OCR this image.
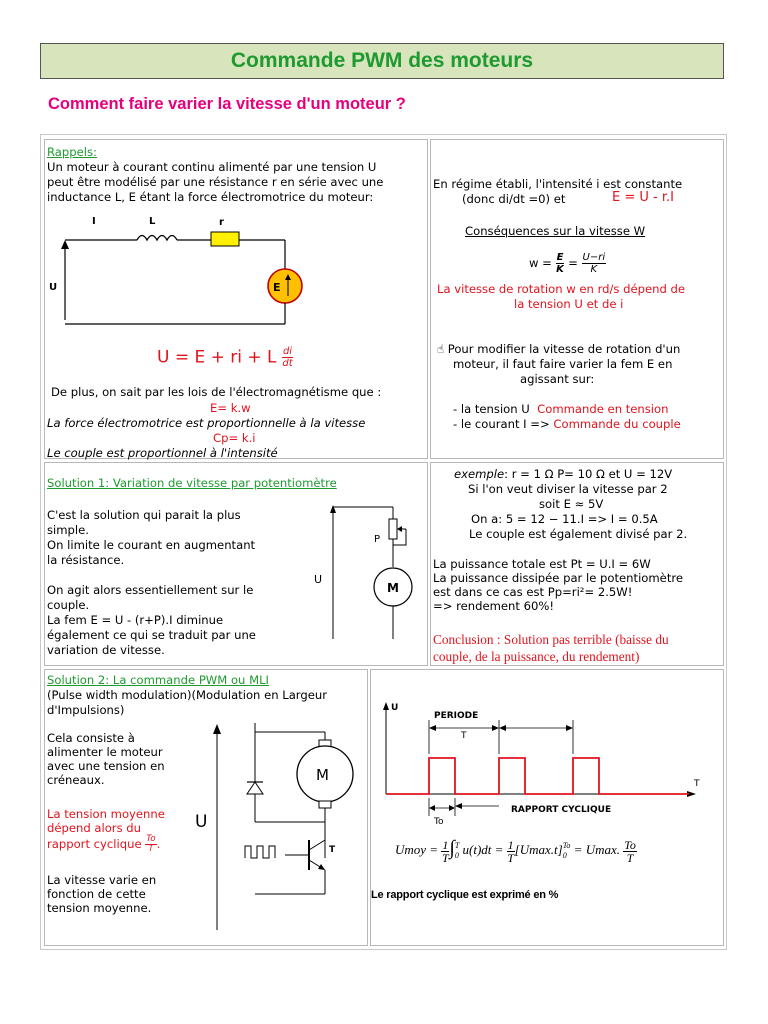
Commande PWM des moteurs
Comment faire varier la vitesse d'un moteur ?
Rappels:
Un moteur à courant continu alimenté par une tension U
peut être modélisé par une résistance r en série avec une
inductance L, E étant la force électromotrice du moteur:
I	L	r
U	E
U = E + ri + L $\frac{di}{dt}$
De plus, on sait par les lois de l'électromagnétisme que :
E= k.w
La force électromotrice est proportionnelle à la vitesse
Cp= k.i
Le couple est proportionnel à l'intensité
En régime établi, l'intensité i est constante
(donc di/dt =0) et	E = U - r.I
Conséquences sur la vitesse W
$w = \frac{E}{K} = \frac{U-ri}{K}$
La vitesse de rotation w en rd/s dépend de
la tension U et de i
☝ Pour modifier la vitesse de rotation d'un
moteur, il faut faire varier la fem E en
agissant sur:
- la tension U Commande en tension
- le courant I => Commande du couple
Solution 1: Variation de vitesse par potentiomètre
C'est la solution qui parait la plus
simple.
On limite le courant en augmentant
la résistance.
On agit alors essentiellement sur le
couple.
La fem E = U - (r+P).I diminue
également ce qui se traduit par une
variation de vitesse.
P
U
M
exemple: r = 1 Ω P= 10 Ω et U = 12V
Si l'on veut diviser la vitesse par 2
soit E ≈ 5V
On a: 5 = 12 − 11.I => I = 0.5A
Le couple est également divisé par 2.
La puissance totale est Pt = U.I = 6W
La puissance dissipée par le potentiomètre
est dans ce cas est Pp=ri²= 2.5W!
=> rendement 60%!
Conclusion : Solution pas terrible (baisse du
couple, de la puissance, du rendement)
Solution 2: La commande PWM ou MLI
(Pulse width modulation)(Modulation en Largeur
d'Impulsions)
Cela consiste à
alimenter le moteur
avec une tension en
créneaux.
La tension moyenne
dépend alors du
rapport cyclique $\frac{To}{T}$ .
La vitesse varie en
fonction de cette
tension moyenne.
U
M
T
U
PERIODE
T
RAPPORT CYCLIQUE
T
To
Umoy = $\frac{1}{T}$ ∫ T
0 $u(t)dt = \frac{1}{T} [Umax.t]$ To
0 = Umax. $\frac{To}{T}$
Le rapport cyclique est exprimé en %
